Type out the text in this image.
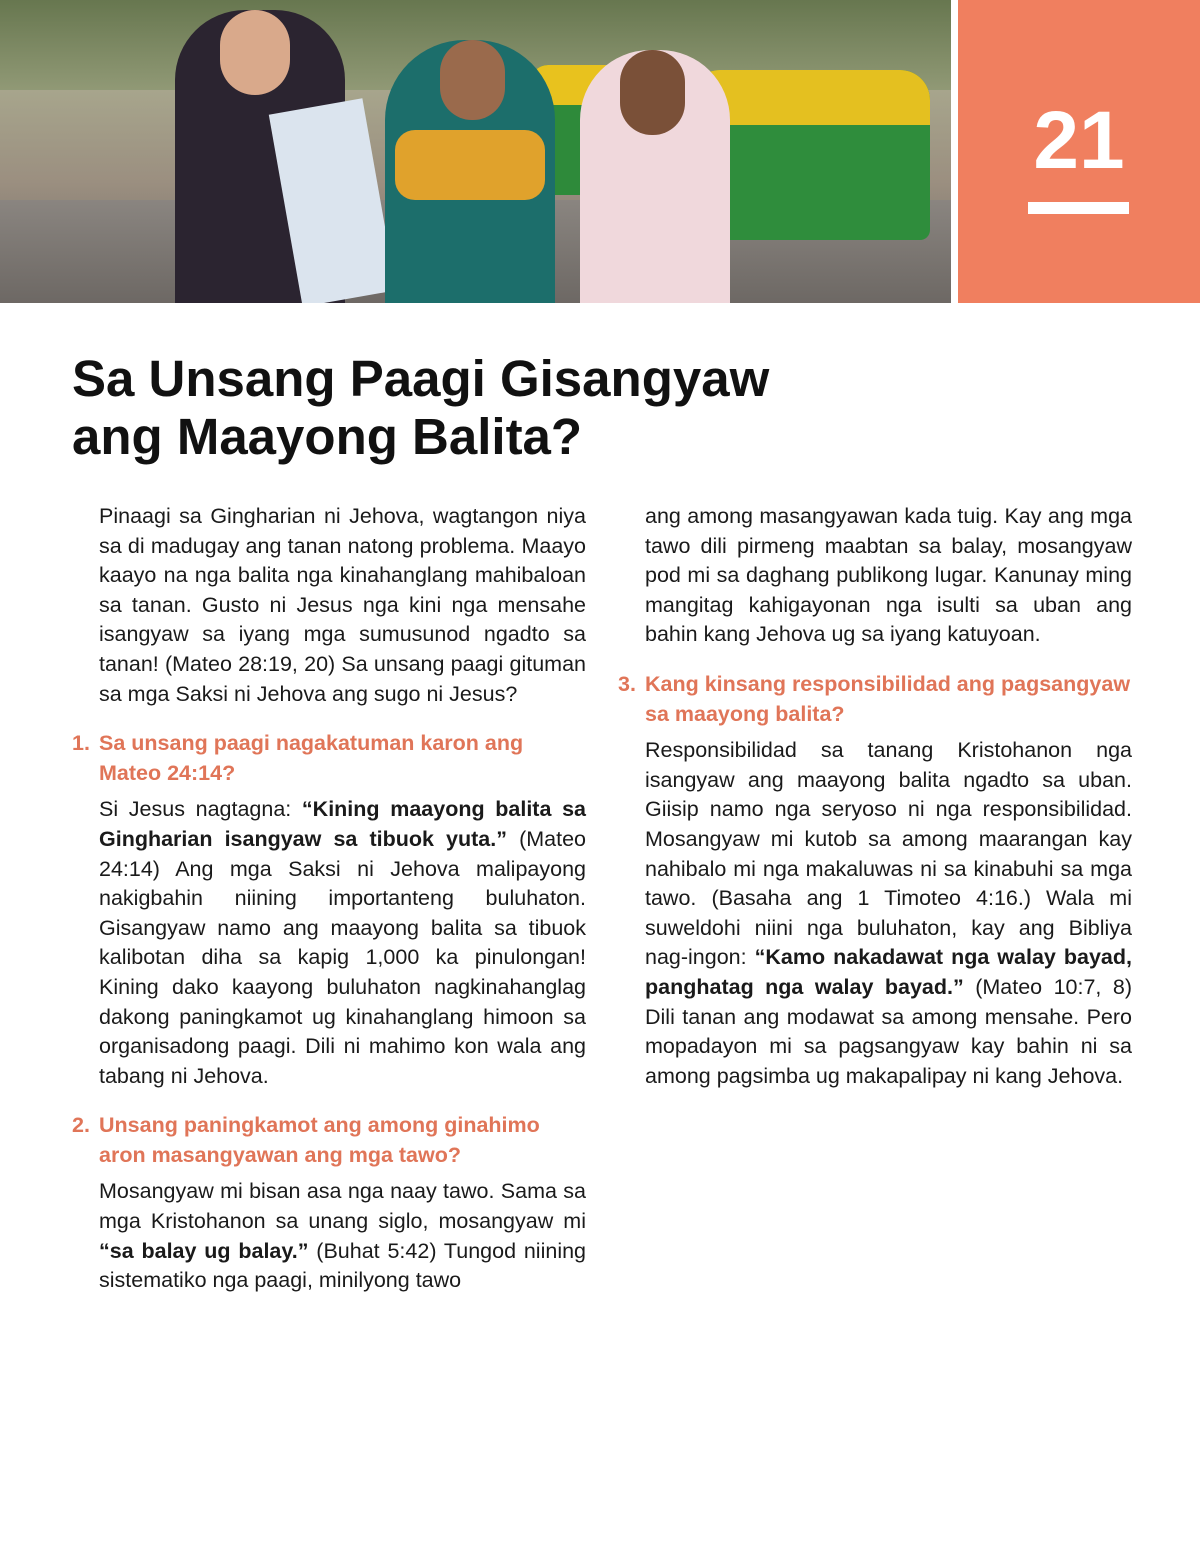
21
Sa Unsang Paagi Gisangyaw
ang Maayong Balita?

Pinaagi sa Gingharian ni Jehova, wagtangon niya sa di madugay ang tanan natong problema. Maayo kaayo na nga balita nga kinahanglang mahibaloan sa tanan. Gusto ni Jesus nga kini nga mensahe isangyaw sa iyang mga sumusunod ngadto sa tanan! (Mateo 28:19, 20) Sa unsang paagi gituman sa mga Saksi ni Jehova ang sugo ni Jesus?

1. Sa unsang paagi nagakatuman karon ang Mateo 24:14?

Si Jesus nagtagna: “Kining maayong balita sa Gingharian isangyaw sa tibuok yuta.” (Mateo 24:14) Ang mga Saksi ni Jehova malipayong nakigbahin niining importanteng buluhaton. Gisangyaw namo ang maayong balita sa tibuok kalibotan diha sa kapig 1,000 ka pinulongan! Kining dako kaayong buluhaton nagkinahanglag dakong paningkamot ug kinahanglang himoon sa organisadong paagi. Dili ni mahimo kon wala ang tabang ni Jehova.

2. Unsang paningkamot ang among ginahimo aron masangyawan ang mga tawo?

Mosangyaw mi bisan asa nga naay tawo. Sama sa mga Kristohanon sa unang siglo, mosangyaw mi “sa balay ug balay.” (Buhat 5:42) Tungod niining sistematiko nga paagi, minilyong tawo

ang among masangyawan kada tuig. Kay ang mga tawo dili pirmeng maabtan sa balay, mosangyaw pod mi sa daghang publikong lugar. Kanunay ming mangitag kahigayonan nga isulti sa uban ang bahin kang Jehova ug sa iyang katuyoan.

3. Kang kinsang responsibilidad ang pagsangyaw sa maayong balita?

Responsibilidad sa tanang Kristohanon nga isangyaw ang maayong balita ngadto sa uban. Giisip namo nga seryoso ni nga responsibilidad. Mosangyaw mi kutob sa among maarangan kay nahibalo mi nga makaluwas ni sa kinabuhi sa mga tawo. (Basaha ang 1 Timoteo 4:16.) Wala mi suweldohi niini nga buluhaton, kay ang Bibliya nag-ingon: “Kamo nakadawat nga walay bayad, panghatag nga walay bayad.” (Mateo 10:7, 8) Dili tanan ang modawat sa among mensahe. Pero mopadayon mi sa pagsangyaw kay bahin ni sa among pagsimba ug makapalipay ni kang Jehova.
